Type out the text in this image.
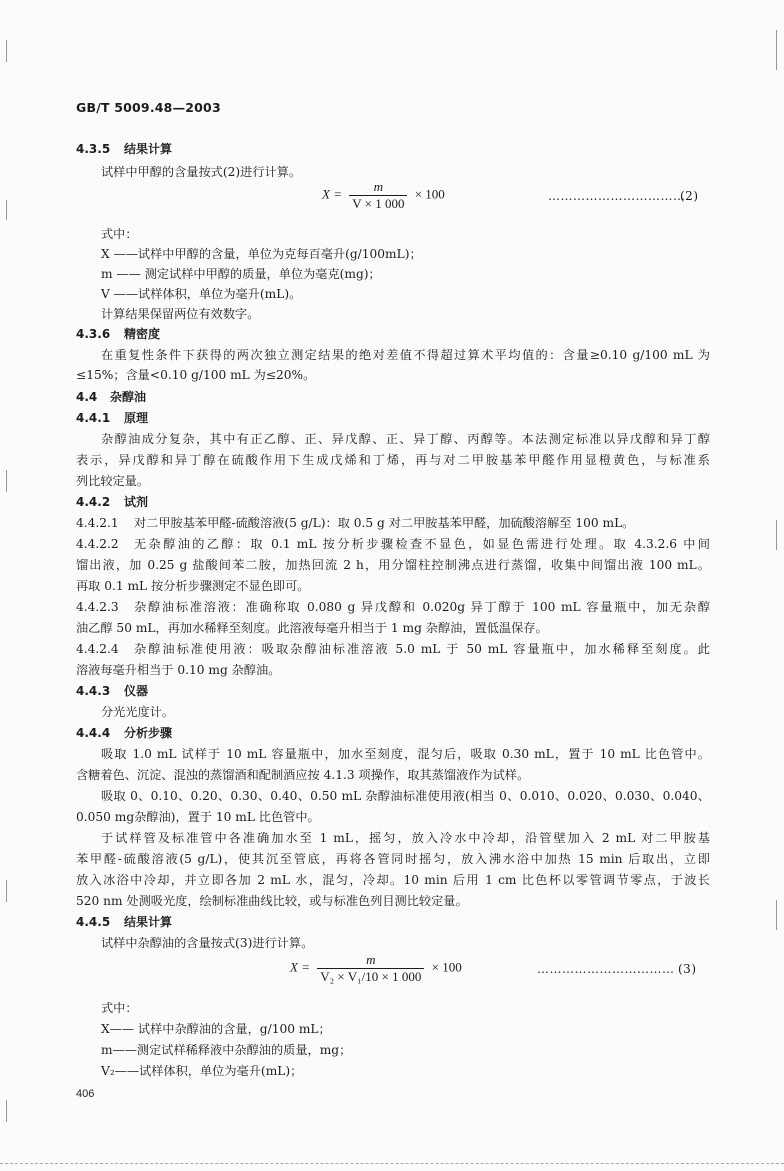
GB/T 5009.48—2003
4.3.5 结果计算
试样中甲醇的含量按式(2)进行计算。
$X = \frac{m}{V \times 1 000} \times 100$	……………………………
(2)
式中：
X ——试样中甲醇的含量，单位为克每百毫升(g/100mL)；
m —— 测定试样中甲醇的质量，单位为毫克(mg)；
V ——试样体积，单位为毫升(mL)。
计算结果保留两位有效数字。
4.3.6 精密度
在重复性条件下获得的两次独立测定结果的绝对差值不得超过算术平均值的：含量≥0.10 g/100 mL 为
≤15%；含量<0.10 g/100 mL 为≤20%。
4.4 杂醇油
4.4.1 原理
杂醇油成分复杂，其中有正乙醇、正、异戊醇、正、异丁醇、丙醇等。本法测定标准以异戊醇和异丁醇
表示，异戊醇和异丁醇在硫酸作用下生成戊烯和丁烯，再与对二甲胺基苯甲醛作用显橙黄色，与标准系
列比较定量。
4.4.2 试剂
4.4.2.1 对二甲胺基苯甲醛-硫酸溶液(5 g/L)：取 0.5 g 对二甲胺基苯甲醛，加硫酸溶解至 100 mL。
4.4.2.2 无杂醇油的乙醇：取 0.1 mL 按分析步骤检查不显色，如显色需进行处理。取 4.3.2.6 中间
馏出液，加 0.25 g 盐酸间苯二胺，加热回流 2 h，用分馏柱控制沸点进行蒸馏，收集中间馏出液 100 mL。
再取 0.1 mL 按分析步骤测定不显色即可。
4.4.2.3 杂醇油标准溶液：准确称取 0.080 g 异戊醇和 0.020g 异丁醇于 100 mL 容量瓶中，加无杂醇
油乙醇 50 mL，再加水稀释至刻度。此溶液每毫升相当于 1 mg 杂醇油，置低温保存。
4.4.2.4 杂醇油标准使用液：吸取杂醇油标准溶液 5.0 mL 于 50 mL 容量瓶中，加水稀释至刻度。此
溶液每毫升相当于 0.10 mg 杂醇油。
4.4.3 仪器
分光光度计。
4.4.4 分析步骤
吸取 1.0 mL 试样于 10 mL 容量瓶中，加水至刻度，混匀后，吸取 0.30 mL，置于 10 mL 比色管中。
含糖着色、沉淀、混浊的蒸馏酒和配制酒应按 4.1.3 项操作，取其蒸馏液作为试样。
吸取 0、0.10、0.20、0.30、0.40、0.50 mL 杂醇油标准使用液(相当 0、0.010、0.020、0.030、0.040、
0.050 mg杂醇油)，置于 10 mL 比色管中。
于试样管及标准管中各准确加水至 1 mL，摇匀，放入冷水中冷却，沿管壁加入 2 mL 对二甲胺基
苯甲醛-硫酸溶液(5 g/L)，使其沉至管底，再将各管同时摇匀，放入沸水浴中加热 15 min 后取出，立即
放入冰浴中冷却，并立即各加 2 mL 水，混匀，冷却。10 min 后用 1 cm 比色杯以零管调节零点，于波长
520 nm 处测吸光度，绘制标准曲线比较，或与标准色列目测比较定量。
4.4.5 结果计算
试样中杂醇油的含量按式(3)进行计算。
$X = \frac{m}{\text{V₂ × V₁/10 × 1 000}} \times 100$	…………………………… (3)
式中：
X—— 试样中杂醇油的含量，g/100 mL；
m——测定试样稀释液中杂醇油的质量，mg；
V₂——试样体积，单位为毫升(mL)；
406
